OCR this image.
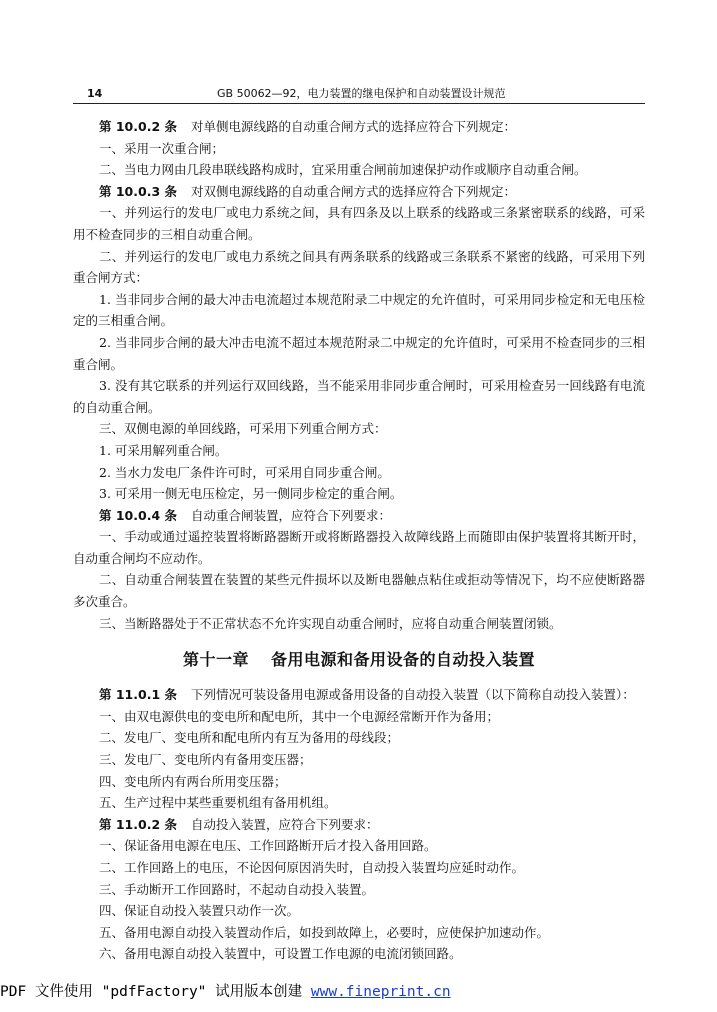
14	GB 50062—92，电力装置的继电保护和自动装置设计规范

第 10.0.2 条 对单侧电源线路的自动重合闸方式的选择应符合下列规定：

一、采用一次重合闸；

二、当电力网由几段串联线路构成时，宜采用重合闸前加速保护动作或顺序自动重合闸。

第 10.0.3 条 对双侧电源线路的自动重合闸方式的选择应符合下列规定：

一、并列运行的发电厂或电力系统之间，具有四条及以上联系的线路或三条紧密联系的线路，可采用不检查同步的三相自动重合闸。

二、并列运行的发电厂或电力系统之间具有两条联系的线路或三条联系不紧密的线路，可采用下列重合闸方式：

1. 当非同步合闸的最大冲击电流超过本规范附录二中规定的允许值时，可采用同步检定和无电压检定的三相重合闸。

2. 当非同步合闸的最大冲击电流不超过本规范附录二中规定的允许值时，可采用不检查同步的三相重合闸。

3. 没有其它联系的并列运行双回线路，当不能采用非同步重合闸时，可采用检查另一回线路有电流的自动重合闸。

三、双侧电源的单回线路，可采用下列重合闸方式：

1. 可采用解列重合闸。

2. 当水力发电厂条件许可时，可采用自同步重合闸。

3. 可采用一侧无电压检定，另一侧同步检定的重合闸。

第 10.0.4 条 自动重合闸装置，应符合下列要求：

一、手动或通过遥控装置将断路器断开或将断路器投入故障线路上而随即由保护装置将其断开时，自动重合闸均不应动作。

二、自动重合闸装置在装置的某些元件损坏以及断电器触点粘住或拒动等情况下，均不应使断路器多次重合。

三、当断路器处于不正常状态不允许实现自动重合闸时，应将自动重合闸装置闭锁。

第十一章 备用电源和备用设备的自动投入装置

第 11.0.1 条 下列情况可装设备用电源或备用设备的自动投入装置（以下简称自动投入装置）：

一、由双电源供电的变电所和配电所，其中一个电源经常断开作为备用；

二、发电厂、变电所和配电所内有互为备用的母线段；

三、发电厂、变电所内有备用变压器；

四、变电所内有两台所用变压器；

五、生产过程中某些重要机组有备用机组。

第 11.0.2 条 自动投入装置，应符合下列要求：

一、保证备用电源在电压、工作回路断开后才投入备用回路。

二、工作回路上的电压，不论因何原因消失时，自动投入装置均应延时动作。

三、手动断开工作回路时，不起动自动投入装置。

四、保证自动投入装置只动作一次。

五、备用电源自动投入装置动作后，如投到故障上，必要时，应使保护加速动作。

六、备用电源自动投入装置中，可设置工作电源的电流闭锁回路。

PDF 文件使用 "pdfFactory" 试用版本创建 www.fineprint.cn
